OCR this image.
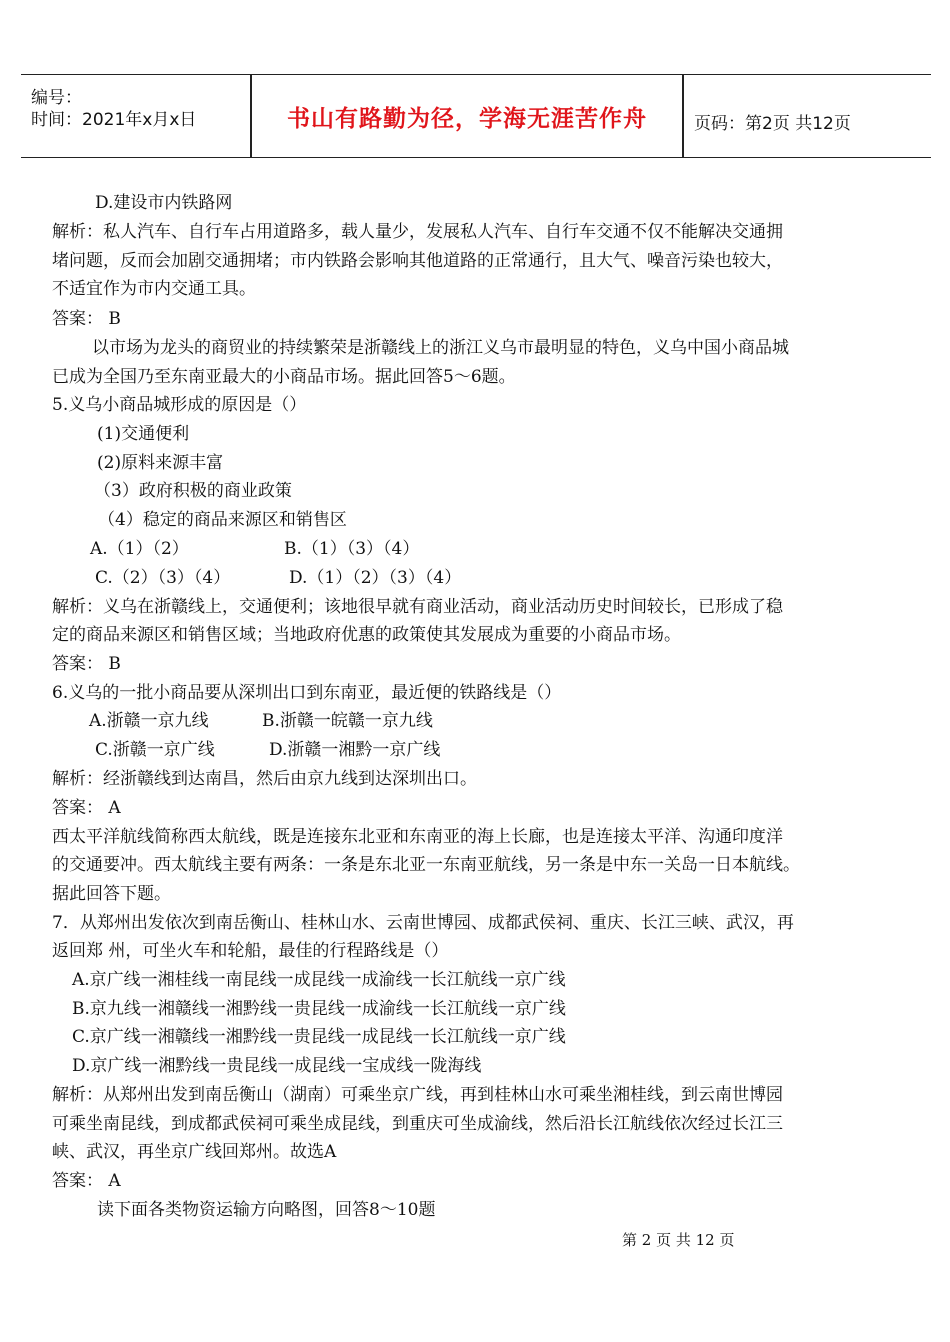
编号：
时间：2021年x月x日	书山有路勤为径，学海无涯苦作舟	页码：第2页 共12页
D.建设市内铁路网
解析：私人汽车、自行车占用道路多，载人量少，发展私人汽车、自行车交通不仅不能解决交通拥
堵问题，反而会加剧交通拥堵；市内铁路会影响其他道路的正常通行，且大气、噪音污染也较大，
不适宜作为市内交通工具。
答案： B
以市场为龙头的商贸业的持续繁荣是浙赣线上的浙江义乌市最明显的特色，义乌中国小商品城
已成为全国乃至东南亚最大的小商品市场。据此回答5～6题。
5.义乌小商品城形成的原因是（）
(1)交通便利
(2)原料来源丰富
（3）政府积极的商业政策
（4）稳定的商品来源区和销售区
A.（1）（2）	B.（1）（3）（4）
C.（2）（3）（4）	D.（1）（2）（3）（4）
解析：义乌在浙赣线上，交通便利；该地很早就有商业活动，商业活动历史时间较长，已形成了稳
定的商品来源区和销售区域；当地政府优惠的政策使其发展成为重要的小商品市场。
答案： B
6.义乌的一批小商品要从深圳出口到东南亚，最近便的铁路线是（）
A.浙赣一京九线	B.浙赣一皖赣一京九线
C.浙赣一京广线	D.浙赣一湘黔一京广线
解析：经浙赣线到达南昌，然后由京九线到达深圳出口。
答案： A
西太平洋航线简称西太航线，既是连接东北亚和东南亚的海上长廊，也是连接太平洋、沟通印度洋
的交通要冲。西太航线主要有两条：一条是东北亚一东南亚航线，另一条是中东一关岛一日本航线。
据此回答下题。
7．从郑州出发依次到南岳衡山、桂林山水、云南世博园、成都武侯祠、重庆、长江三峡、武汉，再
返回郑 州，可坐火车和轮船，最佳的行程路线是（）
A.京广线一湘桂线一南昆线一成昆线一成渝线一长江航线一京广线
B.京九线一湘赣线一湘黔线一贵昆线一成渝线一长江航线一京广线
C.京广线一湘赣线一湘黔线一贵昆线一成昆线一长江航线一京广线
D.京广线一湘黔线一贵昆线一成昆线一宝成线一陇海线
解析：从郑州出发到南岳衡山（湖南）可乘坐京广线，再到桂林山水可乘坐湘桂线，到云南世博园
可乘坐南昆线，到成都武侯祠可乘坐成昆线，到重庆可坐成渝线，然后沿长江航线依次经过长江三
峡、武汉，再坐京广线回郑州。故选A
答案： A
读下面各类物资运输方向略图，回答8～10题
第 2 页 共 12 页
